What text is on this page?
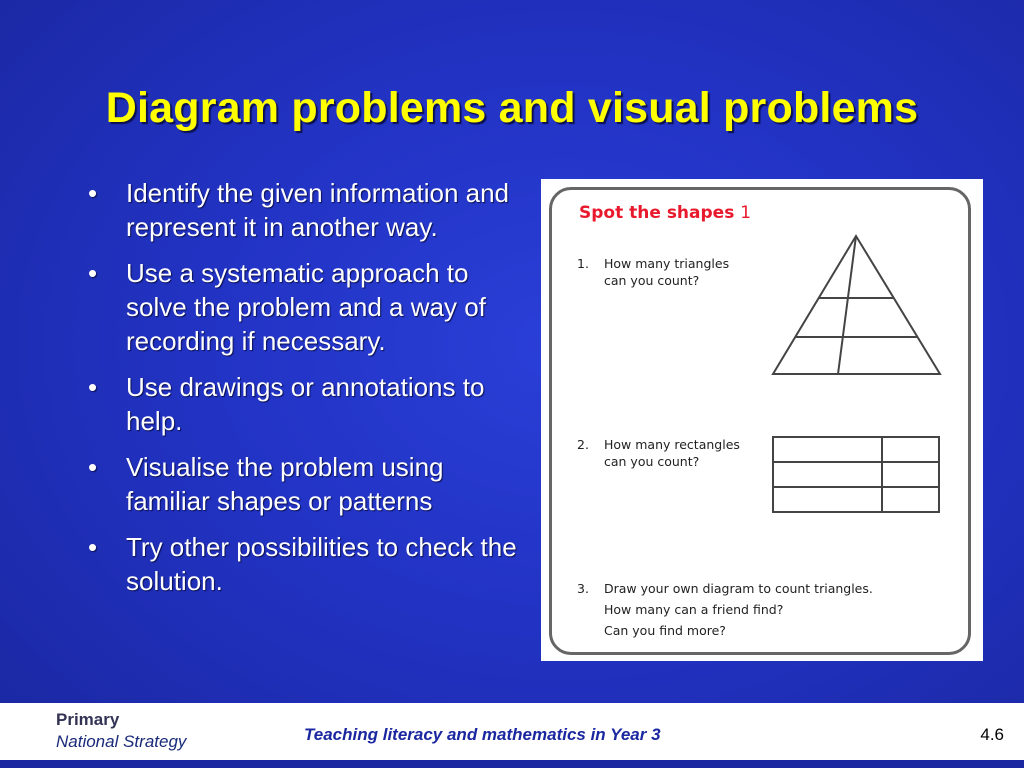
Diagram problems and visual problems
• Identify the given information and represent it in another way.
• Use a systematic approach to solve the problem and a way of recording if necessary.
• Use drawings or annotations to help.
• Visualise the problem using familiar shapes or patterns
• Try other possibilities to check the solution.
Spot the shapes 1
1. How many triangles can you count?
2. How many rectangles can you count?
3. Draw your own diagram to count triangles.
How many can a friend find?
Can you find more?
Primary
National Strategy	Teaching literacy and mathematics in Year 3	4.6
